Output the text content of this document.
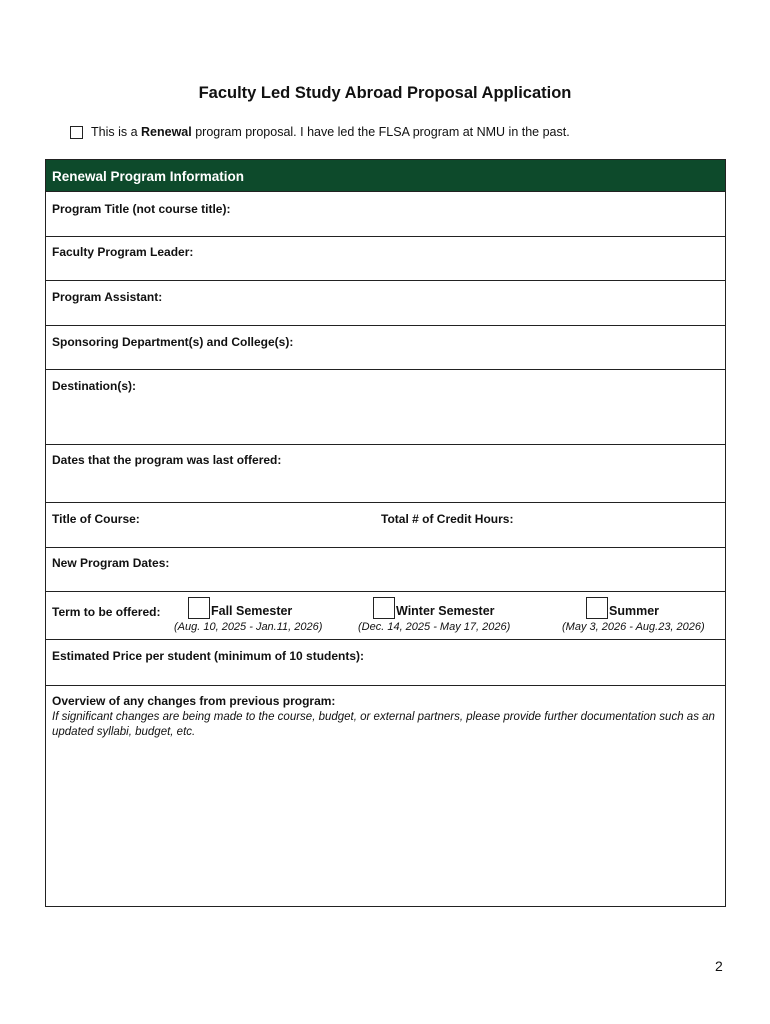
Faculty Led Study Abroad Proposal Application
This is a Renewal program proposal. I have led the FLSA program at NMU in the past.
Renewal Program Information
Program Title (not course title):
Faculty Program Leader:
Program Assistant:
Sponsoring Department(s) and College(s):
Destination(s):
Dates that the program was last offered:
Title of Course:	Total # of Credit Hours:
New Program Dates:
Term to be offered:	Fall Semester
(Aug. 10, 2025 - Jan.11, 2026)
Winter Semester
(Dec. 14, 2025 - May 17, 2026)
Summer
(May 3, 2026 - Aug.23, 2026)
Estimated Price per student (minimum of 10 students):
Overview of any changes from previous program:
If significant changes are being made to the course, budget, or external partners, please provide further documentation such as an updated syllabi, budget, etc.
2
